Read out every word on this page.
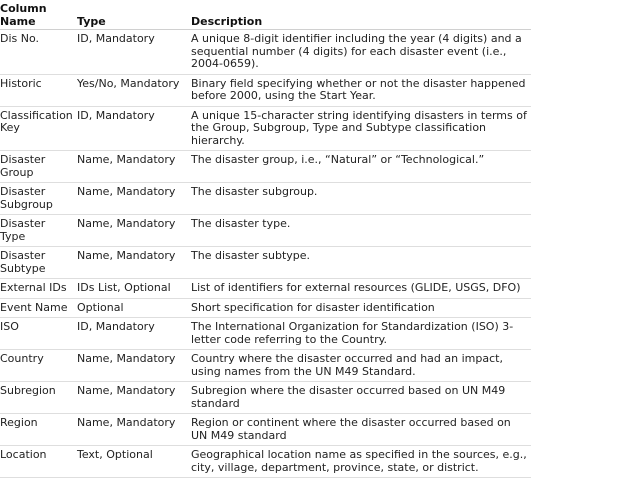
Column Name	Type	Description
Dis No.	ID, Mandatory	A unique 8-digit identifier including the year (4 digits) and a sequential number (4 digits) for each disaster event (i.e., 2004-0659).
Historic	Yes/No, Mandatory	Binary field specifying whether or not the disaster happened before 2000, using the Start Year.
Classification Key	ID, Mandatory	A unique 15-character string identifying disasters in terms of the Group, Subgroup, Type and Subtype classification hierarchy.
Disaster Group	Name, Mandatory	The disaster group, i.e., “Natural” or “Technological.”
Disaster Subgroup	Name, Mandatory	The disaster subgroup.
Disaster Type	Name, Mandatory	The disaster type.
Disaster Subtype	Name, Mandatory	The disaster subtype.
External IDs	IDs List, Optional	List of identifiers for external resources (GLIDE, USGS, DFO)
Event Name	Optional	Short specification for disaster identification
ISO	ID, Mandatory	The International Organization for Standardization (ISO) 3-letter code referring to the Country.
Country	Name, Mandatory	Country where the disaster occurred and had an impact, using names from the UN M49 Standard.
Subregion	Name, Mandatory	Subregion where the disaster occurred based on UN M49 standard
Region	Name, Mandatory	Region or continent where the disaster occurred based on UN M49 standard
Location	Text, Optional	Geographical location name as specified in the sources, e.g., city, village, department, province, state, or district.
